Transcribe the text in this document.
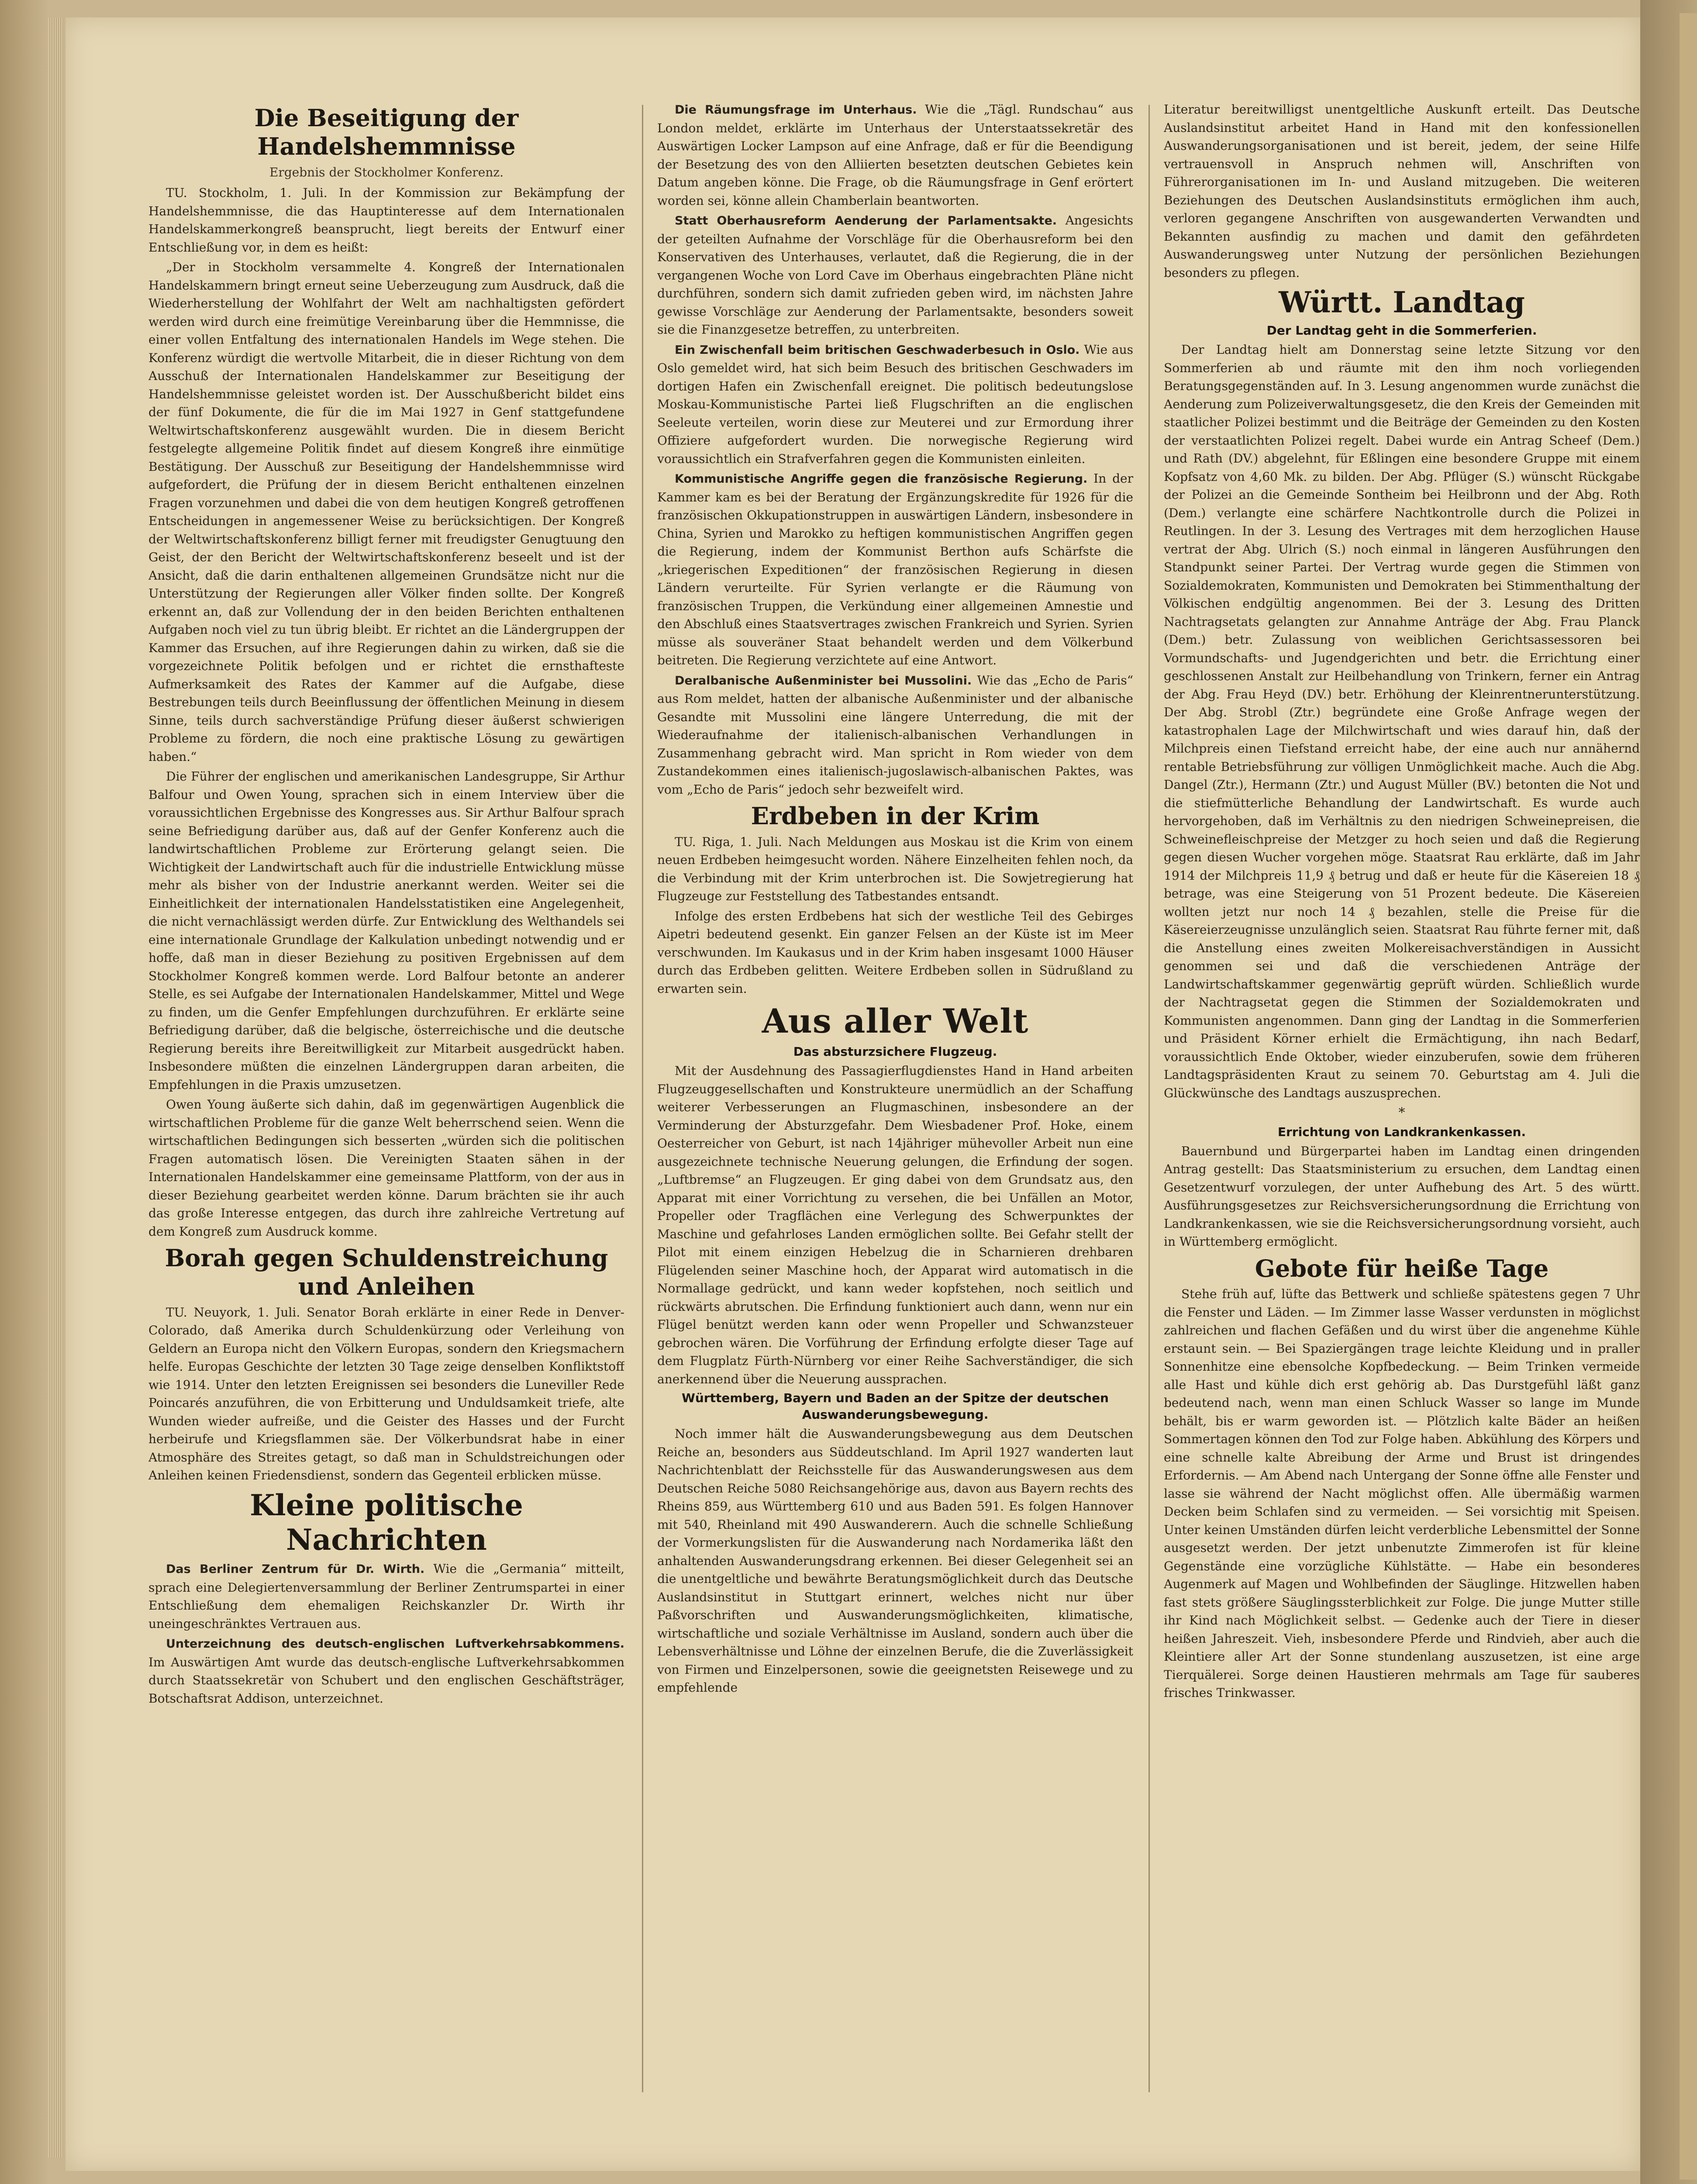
Die Beseitigung der Handelshemmnisse
Ergebnis der Stockholmer Konferenz.

TU. Stockholm, 1. Juli. In der Kommission zur Bekämpfung der Handelshemmnisse, die das Hauptinteresse auf dem Internationalen Handelskammerkongreß beansprucht, liegt bereits der Entwurf einer Entschließung vor, in dem es heißt:

„Der in Stockholm versammelte 4. Kongreß der Internationalen Handelskammern bringt erneut seine Ueberzeugung zum Ausdruck, daß die Wiederherstellung der Wohlfahrt der Welt am nachhaltigsten gefördert werden wird durch eine freimütige Vereinbarung über die Hemmnisse, die einer vollen Entfaltung des internationalen Handels im Wege stehen. Die Konferenz würdigt die wertvolle Mitarbeit, die in dieser Richtung von dem Ausschuß der Internationalen Handelskammer zur Beseitigung der Handelshemmnisse geleistet worden ist. Der Ausschußbericht bildet eins der fünf Dokumente, die für die im Mai 1927 in Genf stattgefundene Weltwirtschaftskonferenz ausgewählt wurden. Die in diesem Bericht festgelegte allgemeine Politik findet auf diesem Kongreß ihre einmütige Bestätigung. Der Ausschuß zur Beseitigung der Handelshemmnisse wird aufgefordert, die Prüfung der in diesem Bericht enthaltenen einzelnen Fragen vorzunehmen und dabei die von dem heutigen Kongreß getroffenen Entscheidungen in angemessener Weise zu berücksichtigen. Der Kongreß der Weltwirtschaftskonferenz billigt ferner mit freudigster Genugtuung den Geist, der den Bericht der Weltwirtschaftskonferenz beseelt und ist der Ansicht, daß die darin enthaltenen allgemeinen Grundsätze nicht nur die Unterstützung der Regierungen aller Völker finden sollte. Der Kongreß erkennt an, daß zur Vollendung der in den beiden Berichten enthaltenen Aufgaben noch viel zu tun übrig bleibt. Er richtet an die Ländergruppen der Kammer das Ersuchen, auf ihre Regierungen dahin zu wirken, daß sie die vorgezeichnete Politik befolgen und er richtet die ernsthafteste Aufmerksamkeit des Rates der Kammer auf die Aufgabe, diese Bestrebungen teils durch Beeinflussung der öffentlichen Meinung in diesem Sinne, teils durch sachverständige Prüfung dieser äußerst schwierigen Probleme zu fördern, die noch eine praktische Lösung zu gewärtigen haben.“

Die Führer der englischen und amerikanischen Landesgruppe, Sir Arthur Balfour und Owen Young, sprachen sich in einem Interview über die voraussichtlichen Ergebnisse des Kongresses aus. Sir Arthur Balfour sprach seine Befriedigung darüber aus, daß auf der Genfer Konferenz auch die landwirtschaftlichen Probleme zur Erörterung gelangt seien. Die Wichtigkeit der Landwirtschaft auch für die industrielle Entwicklung müsse mehr als bisher von der Industrie anerkannt werden. Weiter sei die Einheitlichkeit der internationalen Handelsstatistiken eine Angelegenheit, die nicht vernachlässigt werden dürfe. Zur Entwicklung des Welthandels sei eine internationale Grundlage der Kalkulation unbedingt notwendig und er hoffe, daß man in dieser Beziehung zu positiven Ergebnissen auf dem Stockholmer Kongreß kommen werde. Lord Balfour betonte an anderer Stelle, es sei Aufgabe der Internationalen Handelskammer, Mittel und Wege zu finden, um die Genfer Empfehlungen durchzuführen. Er erklärte seine Befriedigung darüber, daß die belgische, österreichische und die deutsche Regierung bereits ihre Bereitwilligkeit zur Mitarbeit ausgedrückt haben. Insbesondere müßten die einzelnen Ländergruppen daran arbeiten, die Empfehlungen in die Praxis umzusetzen.

Owen Young äußerte sich dahin, daß im gegenwärtigen Augenblick die wirtschaftlichen Probleme für die ganze Welt beherrschend seien. Wenn die wirtschaftlichen Bedingungen sich besserten „würden sich die politischen Fragen automatisch lösen. Die Vereinigten Staaten sähen in der Internationalen Handelskammer eine gemeinsame Plattform, von der aus in dieser Beziehung gearbeitet werden könne. Darum brächten sie ihr auch das große Interesse entgegen, das durch ihre zahlreiche Vertretung auf dem Kongreß zum Ausdruck komme.

Borah gegen Schuldenstreichung und Anleihen

TU. Neuyork, 1. Juli. Senator Borah erklärte in einer Rede in Denver-Colorado, daß Amerika durch Schuldenkürzung oder Verleihung von Geldern an Europa nicht den Völkern Europas, sondern den Kriegsmachern helfe. Europas Geschichte der letzten 30 Tage zeige denselben Konfliktstoff wie 1914. Unter den letzten Ereignissen sei besonders die Luneviller Rede Poincarés anzuführen, die von Erbitterung und Unduldsamkeit triefe, alte Wunden wieder aufreiße, und die Geister des Hasses und der Furcht herbeirufe und Kriegsflammen säe. Der Völkerbundsrat habe in einer Atmosphäre des Streites getagt, so daß man in Schuldstreichungen oder Anleihen keinen Friedensdienst, sondern das Gegenteil erblicken müsse.

Kleine politische Nachrichten

Das Berliner Zentrum für Dr. Wirth. Wie die „Germania“ mitteilt, sprach eine Delegiertenversammlung der Berliner Zentrumspartei in einer Entschließung dem ehemaligen Reichskanzler Dr. Wirth ihr uneingeschränktes Vertrauen aus.

Unterzeichnung des deutsch-englischen Luftverkehrsabkommens. Im Auswärtigen Amt wurde das deutsch-englische Luftverkehrsabkommen durch Staatssekretär von Schubert und den englischen Geschäftsträger, Botschaftsrat Addison, unterzeichnet.

Die Räumungsfrage im Unterhaus. Wie die „Tägl. Rundschau“ aus London meldet, erklärte im Unterhaus der Unterstaatssekretär des Auswärtigen Locker Lampson auf eine Anfrage, daß er für die Beendigung der Besetzung des von den Alliierten besetzten deutschen Gebietes kein Datum angeben könne. Die Frage, ob die Räumungsfrage in Genf erörtert worden sei, könne allein Chamberlain beantworten.

Statt Oberhausreform Aenderung der Parlamentsakte. Angesichts der geteilten Aufnahme der Vorschläge für die Oberhausreform bei den Konservativen des Unterhauses, verlautet, daß die Regierung, die in der vergangenen Woche von Lord Cave im Oberhaus eingebrachten Pläne nicht durchführen, sondern sich damit zufrieden geben wird, im nächsten Jahre gewisse Vorschläge zur Aenderung der Parlamentsakte, besonders soweit sie die Finanzgesetze betreffen, zu unterbreiten.

Ein Zwischenfall beim britischen Geschwaderbesuch in Oslo. Wie aus Oslo gemeldet wird, hat sich beim Besuch des britischen Geschwaders im dortigen Hafen ein Zwischenfall ereignet. Die politisch bedeutungslose Moskau-Kommunistische Partei ließ Flugschriften an die englischen Seeleute verteilen, worin diese zur Meuterei und zur Ermordung ihrer Offiziere aufgefordert wurden. Die norwegische Regierung wird voraussichtlich ein Strafverfahren gegen die Kommunisten einleiten.

Kommunistische Angriffe gegen die französische Regierung. In der Kammer kam es bei der Beratung der Ergänzungskredite für 1926 für die französischen Okkupationstruppen in auswärtigen Ländern, insbesondere in China, Syrien und Marokko zu heftigen kommunistischen Angriffen gegen die Regierung, indem der Kommunist Berthon aufs Schärfste die „kriegerischen Expeditionen“ der französischen Regierung in diesen Ländern verurteilte. Für Syrien verlangte er die Räumung von französischen Truppen, die Verkündung einer allgemeinen Amnestie und den Abschluß eines Staatsvertrages zwischen Frankreich und Syrien. Syrien müsse als souveräner Staat behandelt werden und dem Völkerbund beitreten. Die Regierung verzichtete auf eine Antwort.

Deralbanische Außenminister bei Mussolini. Wie das „Echo de Paris“ aus Rom meldet, hatten der albanische Außenminister und der albanische Gesandte mit Mussolini eine längere Unterredung, die mit der Wiederaufnahme der italienisch-albanischen Verhandlungen in Zusammenhang gebracht wird. Man spricht in Rom wieder von dem Zustandekommen eines italienisch-jugoslawisch-albanischen Paktes, was vom „Echo de Paris“ jedoch sehr bezweifelt wird.

Erdbeben in der Krim

TU. Riga, 1. Juli. Nach Meldungen aus Moskau ist die Krim von einem neuen Erdbeben heimgesucht worden. Nähere Einzelheiten fehlen noch, da die Verbindung mit der Krim unterbrochen ist. Die Sowjetregierung hat Flugzeuge zur Feststellung des Tatbestandes entsandt.

Infolge des ersten Erdbebens hat sich der westliche Teil des Gebirges Aipetri bedeutend gesenkt. Ein ganzer Felsen an der Küste ist im Meer verschwunden. Im Kaukasus und in der Krim haben insgesamt 1000 Häuser durch das Erdbeben gelitten. Weitere Erdbeben sollen in Südrußland zu erwarten sein.

Aus aller Welt
Das absturzsichere Flugzeug.

Mit der Ausdehnung des Passagierflugdienstes Hand in Hand arbeiten Flugzeuggesellschaften und Konstrukteure unermüdlich an der Schaffung weiterer Verbesserungen an Flugmaschinen, insbesondere an der Verminderung der Absturzgefahr. Dem Wiesbadener Prof. Hoke, einem Oesterreicher von Geburt, ist nach 14jähriger mühevoller Arbeit nun eine ausgezeichnete technische Neuerung gelungen, die Erfindung der sogen. „Luftbremse“ an Flugzeugen. Er ging dabei von dem Grundsatz aus, den Apparat mit einer Vorrichtung zu versehen, die bei Unfällen an Motor, Propeller oder Tragflächen eine Verlegung des Schwerpunktes der Maschine und gefahrloses Landen ermöglichen sollte. Bei Gefahr stellt der Pilot mit einem einzigen Hebelzug die in Scharnieren drehbaren Flügelenden seiner Maschine hoch, der Apparat wird automatisch in die Normallage gedrückt, und kann weder kopfstehen, noch seitlich und rückwärts abrutschen. Die Erfindung funktioniert auch dann, wenn nur ein Flügel benützt werden kann oder wenn Propeller und Schwanzsteuer gebrochen wären. Die Vorführung der Erfindung erfolgte dieser Tage auf dem Flugplatz Fürth-Nürnberg vor einer Reihe Sachverständiger, die sich anerkennend über die Neuerung aussprachen.

Württemberg, Bayern und Baden an der Spitze der deutschen Auswanderungsbewegung.

Noch immer hält die Auswanderungsbewegung aus dem Deutschen Reiche an, besonders aus Süddeutschland. Im April 1927 wanderten laut Nachrichtenblatt der Reichsstelle für das Auswanderungswesen aus dem Deutschen Reiche 5080 Reichsangehörige aus, davon aus Bayern rechts des Rheins 859, aus Württemberg 610 und aus Baden 591. Es folgen Hannover mit 540, Rheinland mit 490 Auswanderern. Auch die schnelle Schließung der Vormerkungslisten für die Auswanderung nach Nordamerika läßt den anhaltenden Auswanderungsdrang erkennen. Bei dieser Gelegenheit sei an die unentgeltliche und bewährte Beratungsmöglichkeit durch das Deutsche Auslandsinstitut in Stuttgart erinnert, welches nicht nur über Paßvorschriften und Auswanderungsmöglichkeiten, klimatische, wirtschaftliche und soziale Verhältnisse im Ausland, sondern auch über die Lebensverhältnisse und Löhne der einzelnen Berufe, die die Zuverlässigkeit von Firmen und Einzelpersonen, sowie die geeignetsten Reisewege und zu empfehlende

Literatur bereitwilligst unentgeltliche Auskunft erteilt. Das Deutsche Auslandsinstitut arbeitet Hand in Hand mit den konfessionellen Auswanderungsorganisationen und ist bereit, jedem, der seine Hilfe vertrauensvoll in Anspruch nehmen will, Anschriften von Führerorganisationen im In- und Ausland mitzugeben. Die weiteren Beziehungen des Deutschen Auslandsinstituts ermöglichen ihm auch, verloren gegangene Anschriften von ausgewanderten Verwandten und Bekannten ausfindig zu machen und damit den gefährdeten Auswanderungsweg unter Nutzung der persönlichen Beziehungen besonders zu pflegen.

Württ. Landtag
Der Landtag geht in die Sommerferien.

Der Landtag hielt am Donnerstag seine letzte Sitzung vor den Sommerferien ab und räumte mit den ihm noch vorliegenden Beratungsgegenständen auf. In 3. Lesung angenommen wurde zunächst die Aenderung zum Polizeiverwaltungsgesetz, die den Kreis der Gemeinden mit staatlicher Polizei bestimmt und die Beiträge der Gemeinden zu den Kosten der verstaatlichten Polizei regelt. Dabei wurde ein Antrag Scheef (Dem.) und Rath (DV.) abgelehnt, für Eßlingen eine besondere Gruppe mit einem Kopfsatz von 4,60 Mk. zu bilden. Der Abg. Pflüger (S.) wünscht Rückgabe der Polizei an die Gemeinde Sontheim bei Heilbronn und der Abg. Roth (Dem.) verlangte eine schärfere Nachtkontrolle durch die Polizei in Reutlingen. In der 3. Lesung des Vertrages mit dem herzoglichen Hause vertrat der Abg. Ulrich (S.) noch einmal in längeren Ausführungen den Standpunkt seiner Partei. Der Vertrag wurde gegen die Stimmen von Sozialdemokraten, Kommunisten und Demokraten bei Stimmenthaltung der Völkischen endgültig angenommen. Bei der 3. Lesung des Dritten Nachtragsetats gelangten zur Annahme Anträge der Abg. Frau Planck (Dem.) betr. Zulassung von weiblichen Gerichtsassessoren bei Vormundschafts- und Jugendgerichten und betr. die Errichtung einer geschlossenen Anstalt zur Heilbehandlung von Trinkern, ferner ein Antrag der Abg. Frau Heyd (DV.) betr. Erhöhung der Kleinrentnerunterstützung. Der Abg. Strobl (Ztr.) begründete eine Große Anfrage wegen der katastrophalen Lage der Milchwirtschaft und wies darauf hin, daß der Milchpreis einen Tiefstand erreicht habe, der eine auch nur annähernd rentable Betriebsführung zur völligen Unmöglichkeit mache. Auch die Abg. Dangel (Ztr.), Hermann (Ztr.) und August Müller (BV.) betonten die Not und die stiefmütterliche Behandlung der Landwirtschaft. Es wurde auch hervorgehoben, daß im Verhältnis zu den niedrigen Schweinepreisen, die Schweinefleischpreise der Metzger zu hoch seien und daß die Regierung gegen diesen Wucher vorgehen möge. Staatsrat Rau erklärte, daß im Jahr 1914 der Milchpreis 11,9 ₰ betrug und daß er heute für die Käsereien 18 ₰ betrage, was eine Steigerung von 51 Prozent bedeute. Die Käsereien wollten jetzt nur noch 14 ₰ bezahlen, stelle die Preise für die Käsereierzeugnisse unzulänglich seien. Staatsrat Rau führte ferner mit, daß die Anstellung eines zweiten Molkereisachverständigen in Aussicht genommen sei und daß die verschiedenen Anträge der Landwirtschaftskammer gegenwärtig geprüft würden. Schließlich wurde der Nachtragsetat gegen die Stimmen der Sozialdemokraten und Kommunisten angenommen. Dann ging der Landtag in die Sommerferien und Präsident Körner erhielt die Ermächtigung, ihn nach Bedarf, voraussichtlich Ende Oktober, wieder einzuberufen, sowie dem früheren Landtagspräsidenten Kraut zu seinem 70. Geburtstag am 4. Juli die Glückwünsche des Landtags auszusprechen.

*
Errichtung von Landkrankenkassen.

Bauernbund und Bürgerpartei haben im Landtag einen dringenden Antrag gestellt: Das Staatsministerium zu ersuchen, dem Landtag einen Gesetzentwurf vorzulegen, der unter Aufhebung des Art. 5 des württ. Ausführungsgesetzes zur Reichsversicherungsordnung die Errichtung von Landkrankenkassen, wie sie die Reichsversicherungsordnung vorsieht, auch in Württemberg ermöglicht.

Gebote für heiße Tage

Stehe früh auf, lüfte das Bettwerk und schließe spätestens gegen 7 Uhr die Fenster und Läden. — Im Zimmer lasse Wasser verdunsten in möglichst zahlreichen und flachen Gefäßen und du wirst über die angenehme Kühle erstaunt sein. — Bei Spaziergängen trage leichte Kleidung und in praller Sonnenhitze eine ebensolche Kopfbedeckung. — Beim Trinken vermeide alle Hast und kühle dich erst gehörig ab. Das Durstgefühl läßt ganz bedeutend nach, wenn man einen Schluck Wasser so lange im Munde behält, bis er warm geworden ist. — Plötzlich kalte Bäder an heißen Sommertagen können den Tod zur Folge haben. Abkühlung des Körpers und eine schnelle kalte Abreibung der Arme und Brust ist dringendes Erfordernis. — Am Abend nach Untergang der Sonne öffne alle Fenster und lasse sie während der Nacht möglichst offen. Alle übermäßig warmen Decken beim Schlafen sind zu vermeiden. — Sei vorsichtig mit Speisen. Unter keinen Umständen dürfen leicht verderbliche Lebensmittel der Sonne ausgesetzt werden. Der jetzt unbenutzte Zimmerofen ist für kleine Gegenstände eine vorzügliche Kühlstätte. — Habe ein besonderes Augenmerk auf Magen und Wohlbefinden der Säuglinge. Hitzwellen haben fast stets größere Säuglingssterblichkeit zur Folge. Die junge Mutter stille ihr Kind nach Möglichkeit selbst. — Gedenke auch der Tiere in dieser heißen Jahreszeit. Vieh, insbesondere Pferde und Rindvieh, aber auch die Kleintiere aller Art der Sonne stundenlang auszusetzen, ist eine arge Tierquälerei. Sorge deinen Haustieren mehrmals am Tage für sauberes frisches Trinkwasser.
